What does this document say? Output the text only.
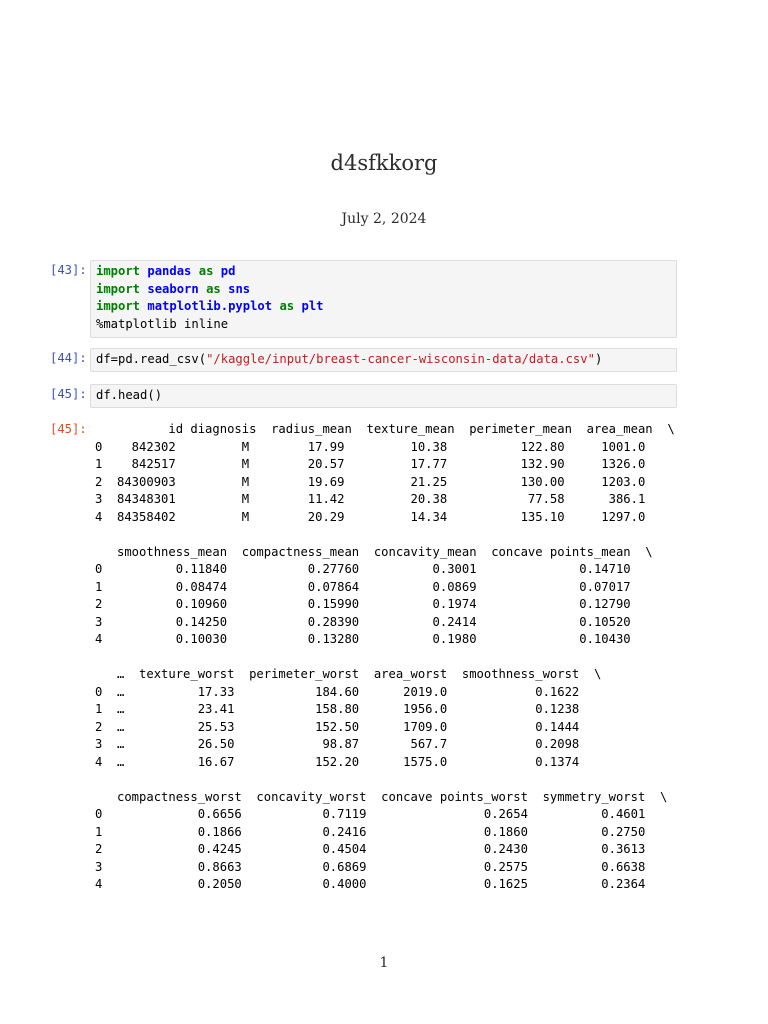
d4sfkkorg
July 2, 2024
[43]: import pandas as pd
import seaborn as sns
import matplotlib.pyplot as plt
%matplotlib inline
[44]: df=pd.read_csv("/kaggle/input/breast-cancer-wisconsin-data/data.csv")
[45]: df.head()
[45]: id diagnosis  radius_mean  texture_mean  perimeter_mean  area_mean  \
0    842302         M        17.99         10.38          122.80     1001.0
1    842517         M        20.57         17.77          132.90     1326.0
2  84300903         M        19.69         21.25          130.00     1203.0
3  84348301         M        11.42         20.38           77.58      386.1
4  84358402         M        20.29         14.34          135.10     1297.0
smoothness_mean  compactness_mean  concavity_mean  concave points_mean  \
0          0.11840           0.27760          0.3001              0.14710
1          0.08474           0.07864          0.0869              0.07017
2          0.10960           0.15990          0.1974              0.12790
3          0.14250           0.28390          0.2414              0.10520
4          0.10030           0.13280          0.1980              0.10430
…  texture_worst  perimeter_worst  area_worst  smoothness_worst  \
0  …          17.33           184.60      2019.0            0.1622
1  …          23.41           158.80      1956.0            0.1238
2  …          25.53           152.50      1709.0            0.1444
3  …          26.50            98.87       567.7            0.2098
4  …          16.67           152.20      1575.0            0.1374
compactness_worst  concavity_worst  concave points_worst  symmetry_worst  \
0             0.6656           0.7119                0.2654          0.4601
1             0.1866           0.2416                0.1860          0.2750
2             0.4245           0.4504                0.2430          0.3613
3             0.8663           0.6869                0.2575          0.6638
4             0.2050           0.4000                0.1625          0.2364
1
